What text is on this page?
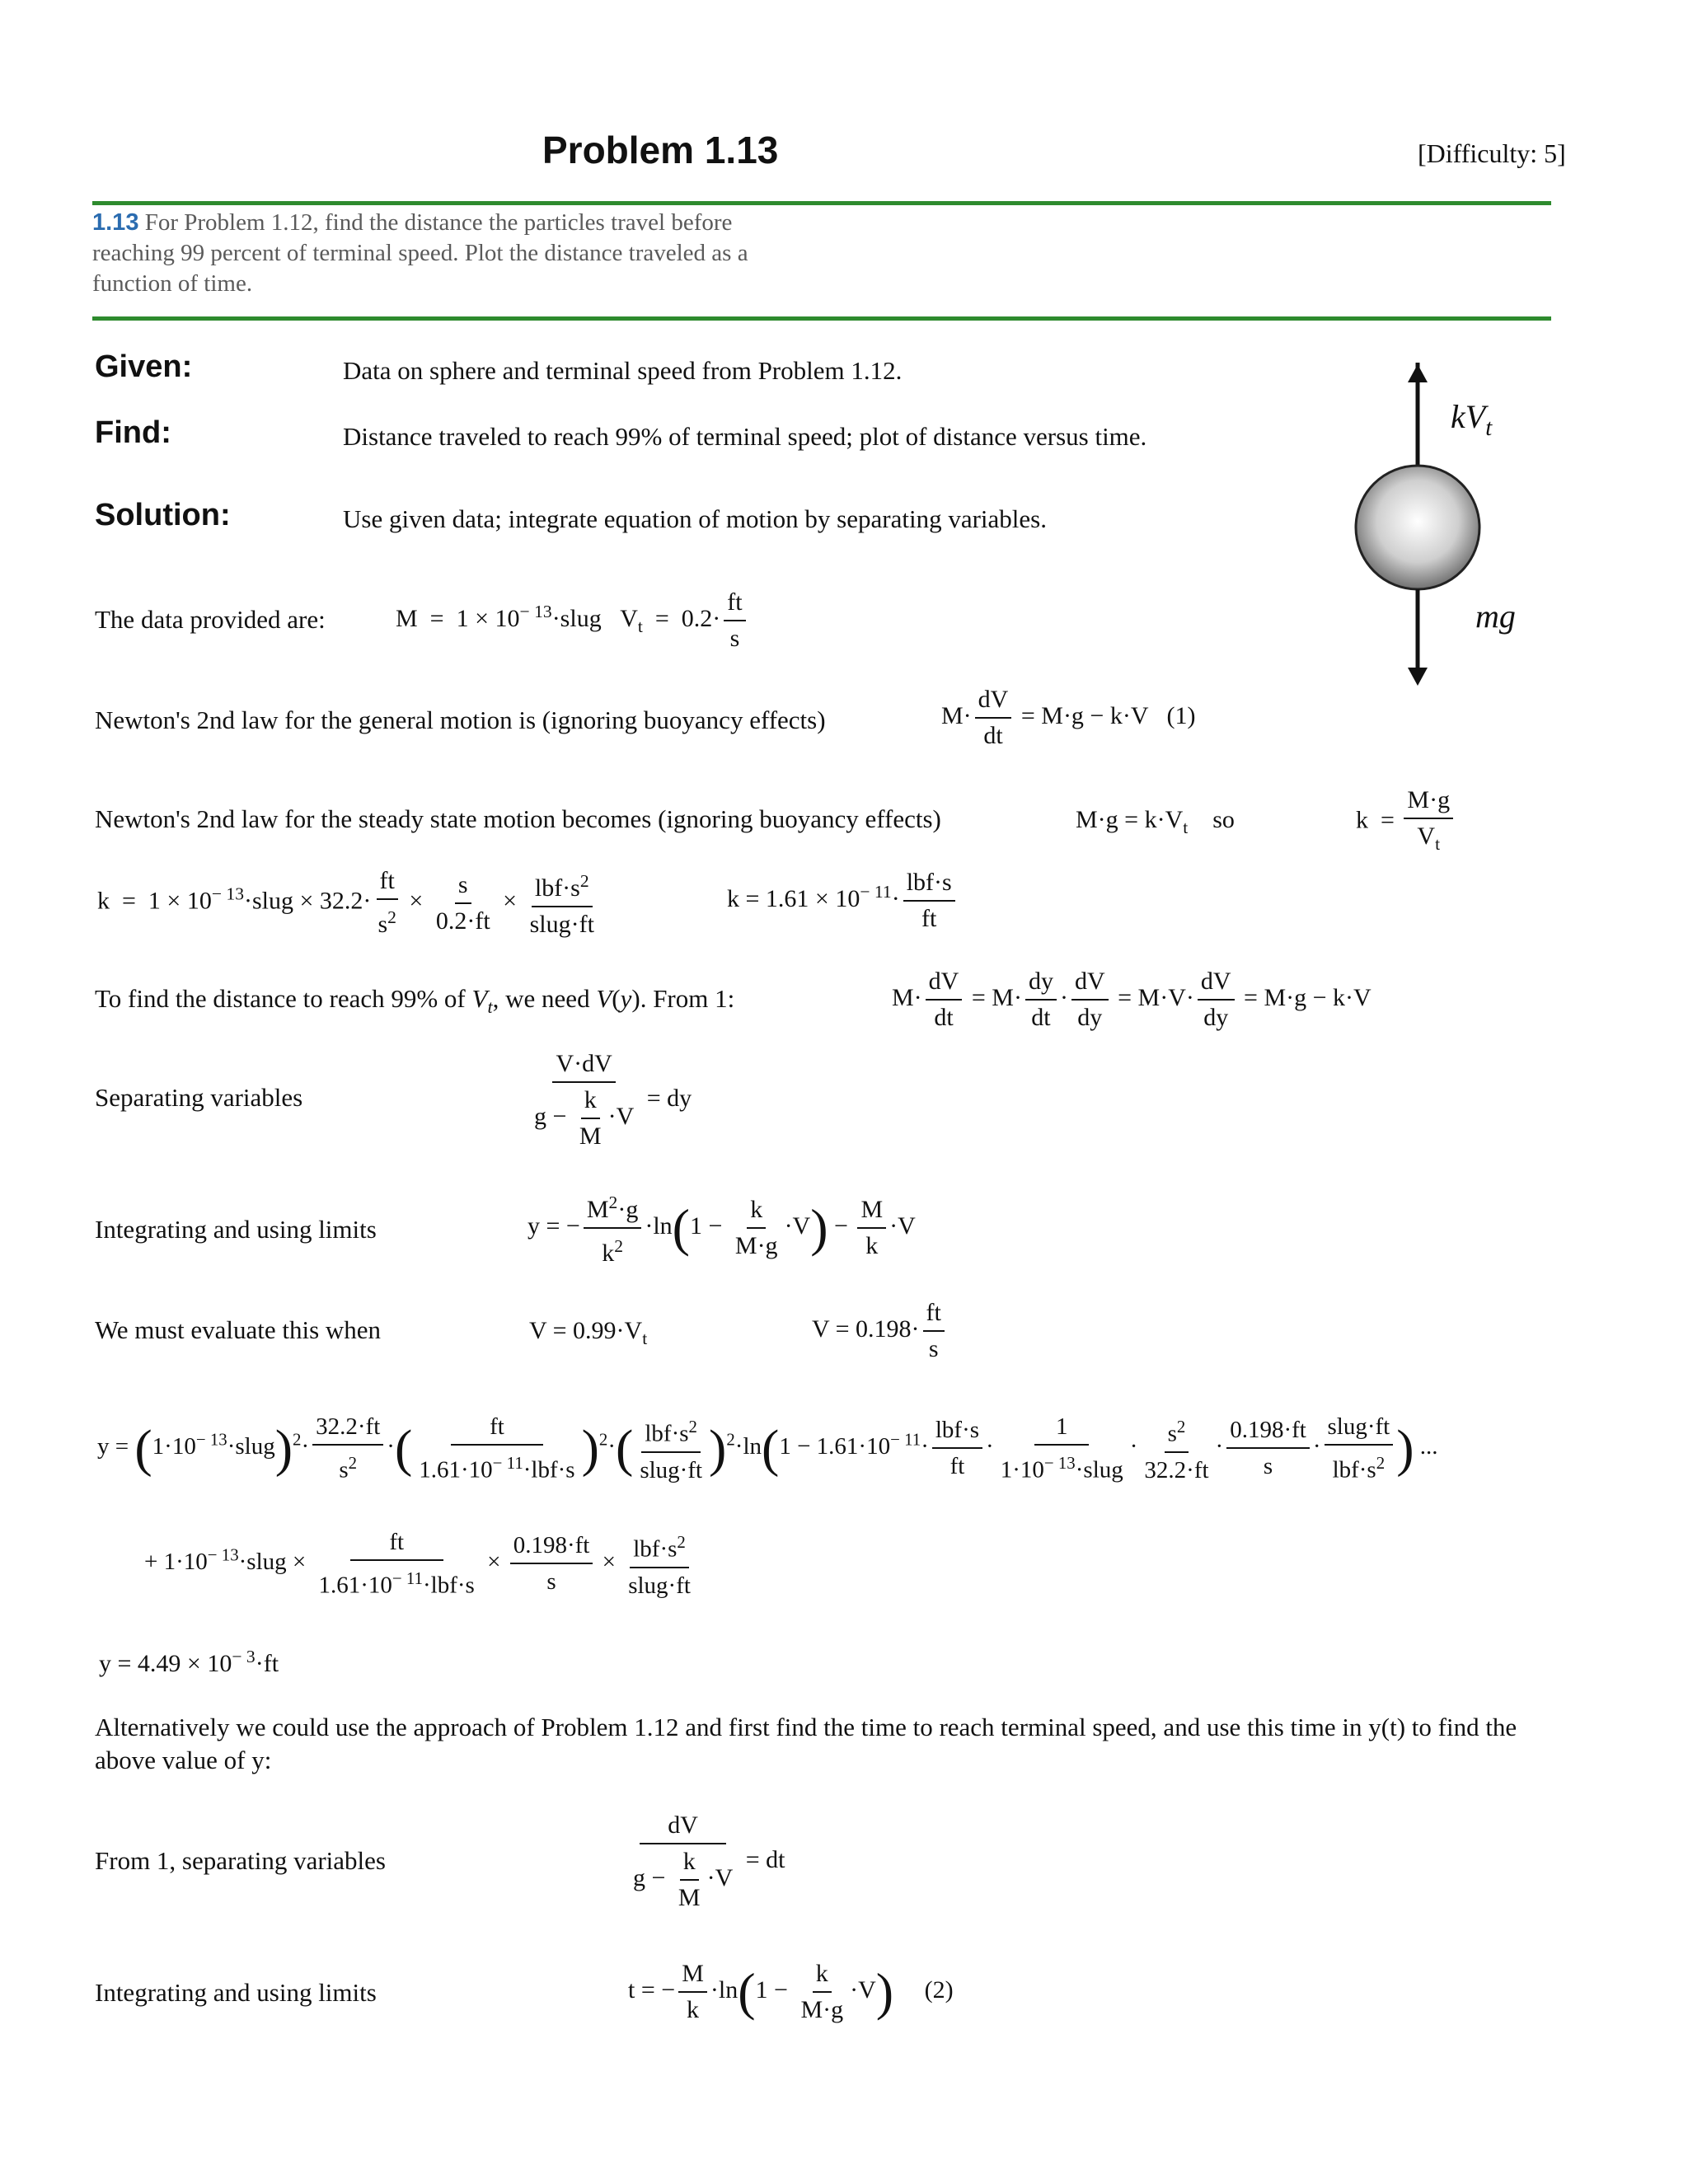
Problem 1.13	[Difficulty: 5]
1.13 For Problem 1.12, find the distance the particles travel before reaching 99 percent of terminal speed. Plot the distance traveled as a function of time.
Given:	Data on sphere and terminal speed from Problem 1.12.
Find:	Distance traveled to reach 99% of terminal speed; plot of distance versus time.
Solution:	Use given data; integrate equation of motion by separating variables.
$kV_t$
mg
The data provided are:	$M = 1 \times 10^{- 13}\cdot slug$   $V_t = 0.2\cdot \frac{ft}{s}$
Newton's 2nd law for the general motion is (ignoring buoyancy effects)	$M\cdot \frac{dV}{dt} = M\cdot g - k\cdot V$   (1)
Newton's 2nd law for the steady state motion becomes (ignoring buoyancy effects)	$M\cdot g = k\cdot V_t$ so	$k = \frac{M\cdot g}{V_t}$
$k = 1 \times 10^{- 13}\cdot slug \times 32.2\cdot \frac{ft}{s^2} \times \frac{s}{0.2\cdot ft} \times \frac{lbf\cdot s^2}{\text{slug·ft}}$	$k = 1.61 \times 10^{- 11}\cdot \frac{\text{lbf·s}}{ft}$
To find the distance to reach 99% of $V_t$, we need V(y). From 1:	$M\cdot \frac{dV}{dt} = M\cdot \frac{dy}{dt} \cdot \frac{dV}{dy} = M\cdot V\cdot \frac{dV}{dy} = M\cdot g - k\cdot V$
Separating variables	$\frac{V\cdot dV}{g - \frac{k}{M} \cdot V}$ = dy
Integrating and using limits	y = − $\frac{M^2\cdot g}{k^2} \cdot\ln(1 - \frac{k}{M\cdot g} \cdot V) - \frac{M}{k} \cdot V$
We must evaluate this when	$V = 0.99\cdot V_t$	$V = 0.198\cdot \frac{ft}{s}$
$y = (1\cdot 10^{- 13}\cdot slug)^2\cdot \frac{32.2\cdot ft}{s^2}$ ·( $\frac{ft}{1.61\cdot 10^{- 11}\cdot lbf\cdot s} )^2\cdot( \frac{lbf\cdot s^2}{\text{slug·ft}} )^2\cdot\ln(1 - 1.61\cdot 10^{- 11}\cdot \frac{\text{lbf·s}}{ft} \cdot \frac{1}{1\cdot 10^{- 13}\cdot slug} \cdot \frac{s^2}{32.2\cdot ft} \cdot \frac{0.198\cdot ft}{s} \cdot \frac{\text{slug·ft}}{lbf\cdot s^2}$ ) ...
+ $1\cdot 10^{- 13}\cdot slug \times \frac{ft}{1.61\cdot 10^{- 11}\cdot lbf\cdot s} \times \frac{0.198\cdot ft}{s} \times \frac{lbf\cdot s^2}{\text{slug·ft}}$
$y = 4.49 \times 10^{- 3}\cdot ft$
Alternatively we could use the approach of Problem 1.12 and first find the time to reach terminal speed, and use this time in y(t) to find the above value of y:
From 1, separating variables	$\frac{dV}{g - \frac{k}{M} \cdot V}$ = dt
Integrating and using limits	t = − $\frac{M}{k} \cdot\ln(1 - \frac{k}{M\cdot g} \cdot V)$ (2)
